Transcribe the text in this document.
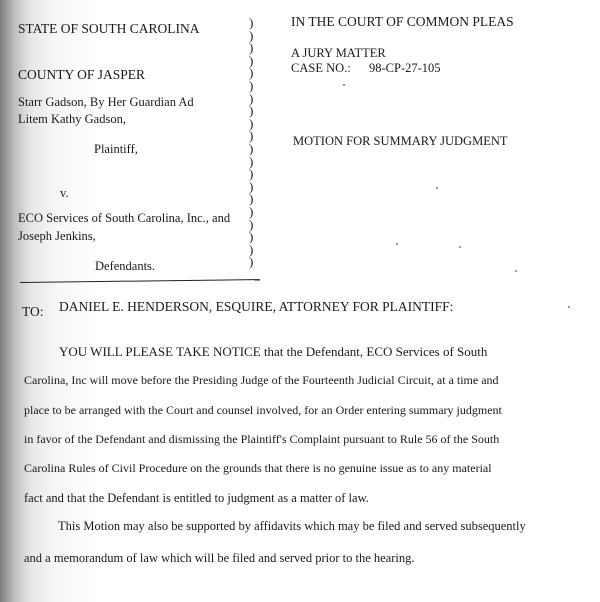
STATE OF SOUTH CAROLINA
COUNTY OF JASPER
Starr Gadson, By Her Guardian Ad
Litem Kathy Gadson,
Plaintiff,
v.
ECO Services of South Carolina, Inc., and
Joseph Jenkins,
Defendants.
)
)
)
)
)
)
)
)
)
)
)
)
)
)
)
)
)
)
)
)
IN THE COURT OF COMMON PLEAS
A JURY MATTER
CASE NO.: 98-CP-27-105
MOTION FOR SUMMARY JUDGMENT
TO: DANIEL E. HENDERSON, ESQUIRE, ATTORNEY FOR PLAINTIFF:
YOU WILL PLEASE TAKE NOTICE that the Defendant, ECO Services of South
Carolina, Inc will move before the Presiding Judge of the Fourteenth Judicial Circuit, at a time and
place to be arranged with the Court and counsel involved, for an Order entering summary judgment
in favor of the Defendant and dismissing the Plaintiff's Complaint pursuant to Rule 56 of the South
Carolina Rules of Civil Procedure on the grounds that there is no genuine issue as to any material
fact and that the Defendant is entitled to judgment as a matter of law.
This Motion may also be supported by affidavits which may be filed and served subsequently
and a memorandum of law which will be filed and served prior to the hearing.
